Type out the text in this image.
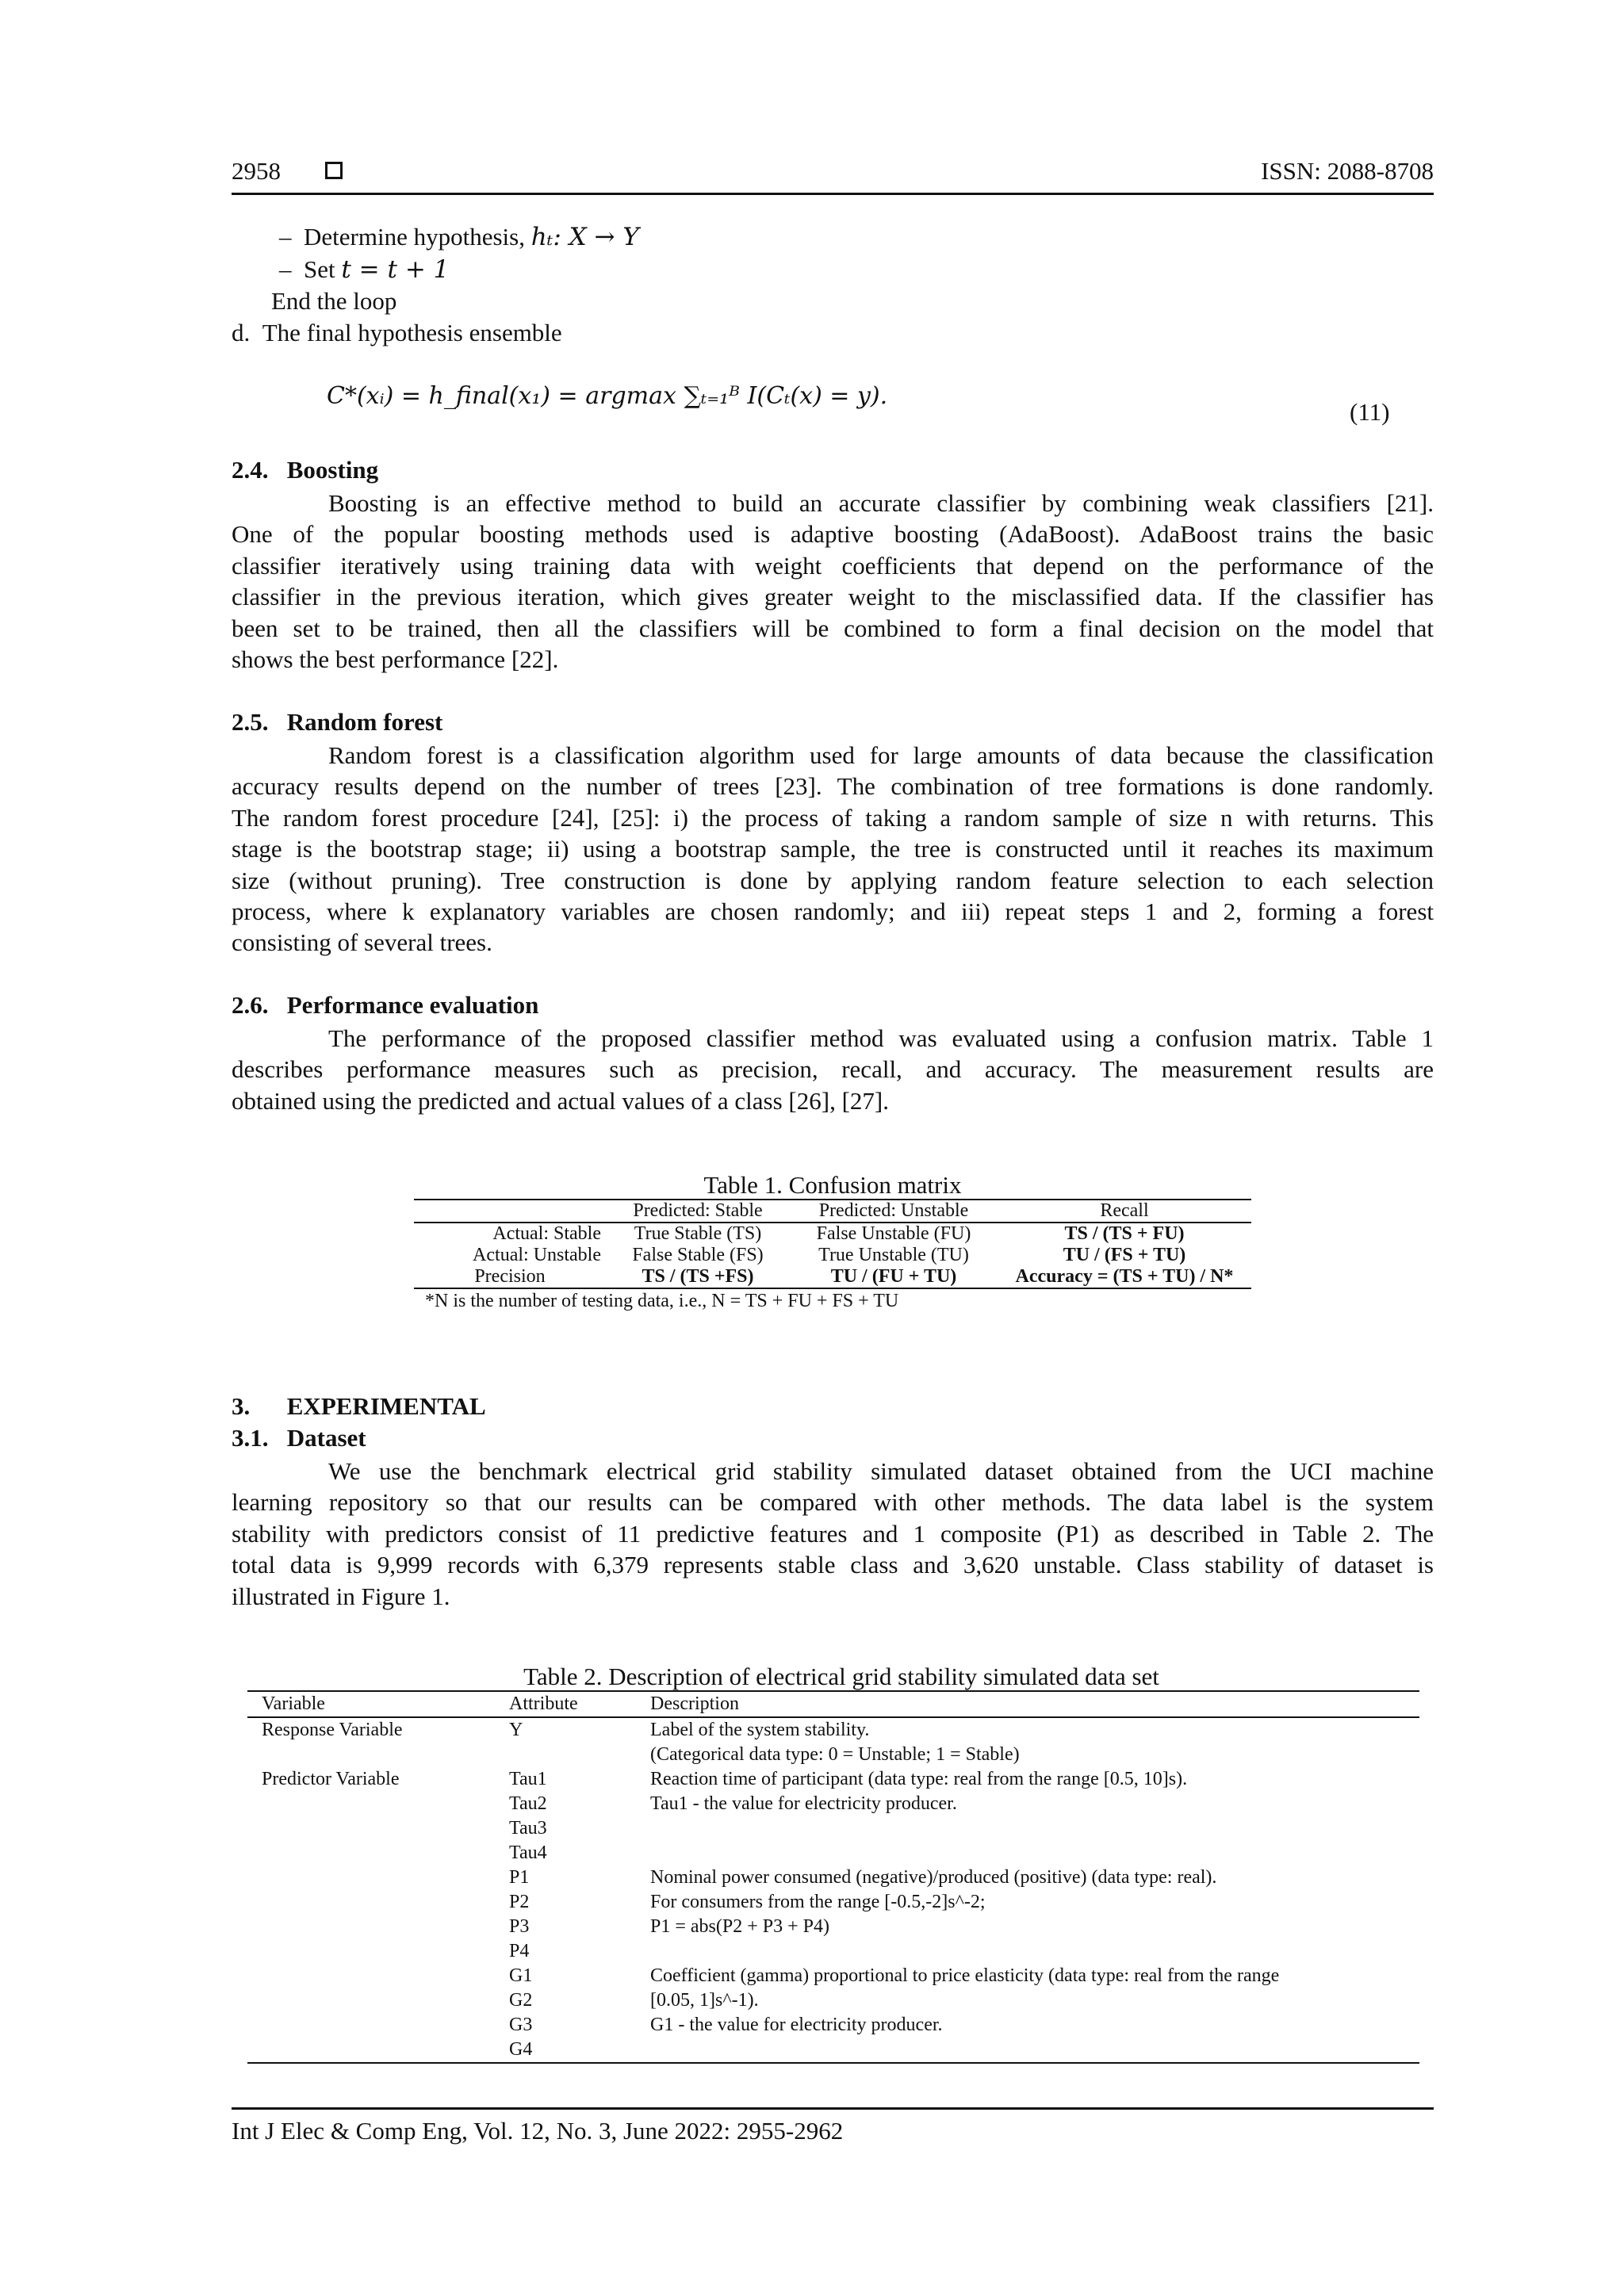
2958	ISSN: 2088-8708
– Determine hypothesis, hₜ: X → Y
– Set t = t + 1
End the loop
d. The final hypothesis ensemble
C*(xᵢ) = h_final(x₁) = argmax ∑ₜ₌₁ᴮ I(Cₜ(x) = y).
(11)
2.4.   Boosting
Boosting is an effective method to build an accurate classifier by combining weak classifiers [21].
One of the popular boosting methods used is adaptive boosting (AdaBoost). AdaBoost trains the basic
classifier iteratively using training data with weight coefficients that depend on the performance of the
classifier in the previous iteration, which gives greater weight to the misclassified data. If the classifier has
been set to be trained, then all the classifiers will be combined to form a final decision on the model that
shows the best performance [22].
2.5.   Random forest
Random forest is a classification algorithm used for large amounts of data because the classification
accuracy results depend on the number of trees [23]. The combination of tree formations is done randomly.
The random forest procedure [24], [25]: i) the process of taking a random sample of size n with returns. This
stage is the bootstrap stage; ii) using a bootstrap sample, the tree is constructed until it reaches its maximum
size (without pruning). Tree construction is done by applying random feature selection to each selection
process, where k explanatory variables are chosen randomly; and iii) repeat steps 1 and 2, forming a forest
consisting of several trees.
2.6.   Performance evaluation
The performance of the proposed classifier method was evaluated using a confusion matrix. Table 1
describes performance measures such as precision, recall, and accuracy. The measurement results are
obtained using the predicted and actual values of a class [26], [27].
Table 1. Confusion matrix
	Predicted: Stable	Predicted: Unstable	Recall
Actual: Stable	True Stable (TS)	False Unstable (FU)	TS / (TS + FU)
Actual: Unstable	False Stable (FS)	True Unstable (TU)	TU / (FS + TU)
Precision	TS / (TS +FS)	TU / (FU + TU)	Accuracy = (TS + TU) / N*
*N is the number of testing data, i.e., N = TS + FU + FS + TU
3.      EXPERIMENTAL
3.1.   Dataset
We use the benchmark electrical grid stability simulated dataset obtained from the UCI machine
learning repository so that our results can be compared with other methods. The data label is the system
stability with predictors consist of 11 predictive features and 1 composite (P1) as described in Table 2. The
total data is 9,999 records with 6,379 represents stable class and 3,620 unstable. Class stability of dataset is
illustrated in Figure 1.
Table 2. Description of electrical grid stability simulated data set
Variable	Attribute	Description
Response Variable	Y	Label of the system stability.
		(Categorical data type: 0 = Unstable; 1 = Stable)
Predictor Variable	Tau1	Reaction time of participant (data type: real from the range [0.5, 10]s).
	Tau2	Tau1 - the value for electricity producer.
	Tau3	
	Tau4	
	P1	Nominal power consumed (negative)/produced (positive) (data type: real).
	P2	For consumers from the range [-0.5,-2]s^-2;
	P3	P1 = abs(P2 + P3 + P4)
	P4	
	G1	Coefficient (gamma) proportional to price elasticity (data type: real from the range
	G2	[0.05, 1]s^-1).
	G3	G1 - the value for electricity producer.
	G4	
Int J Elec & Comp Eng, Vol. 12, No. 3, June 2022: 2955-2962
